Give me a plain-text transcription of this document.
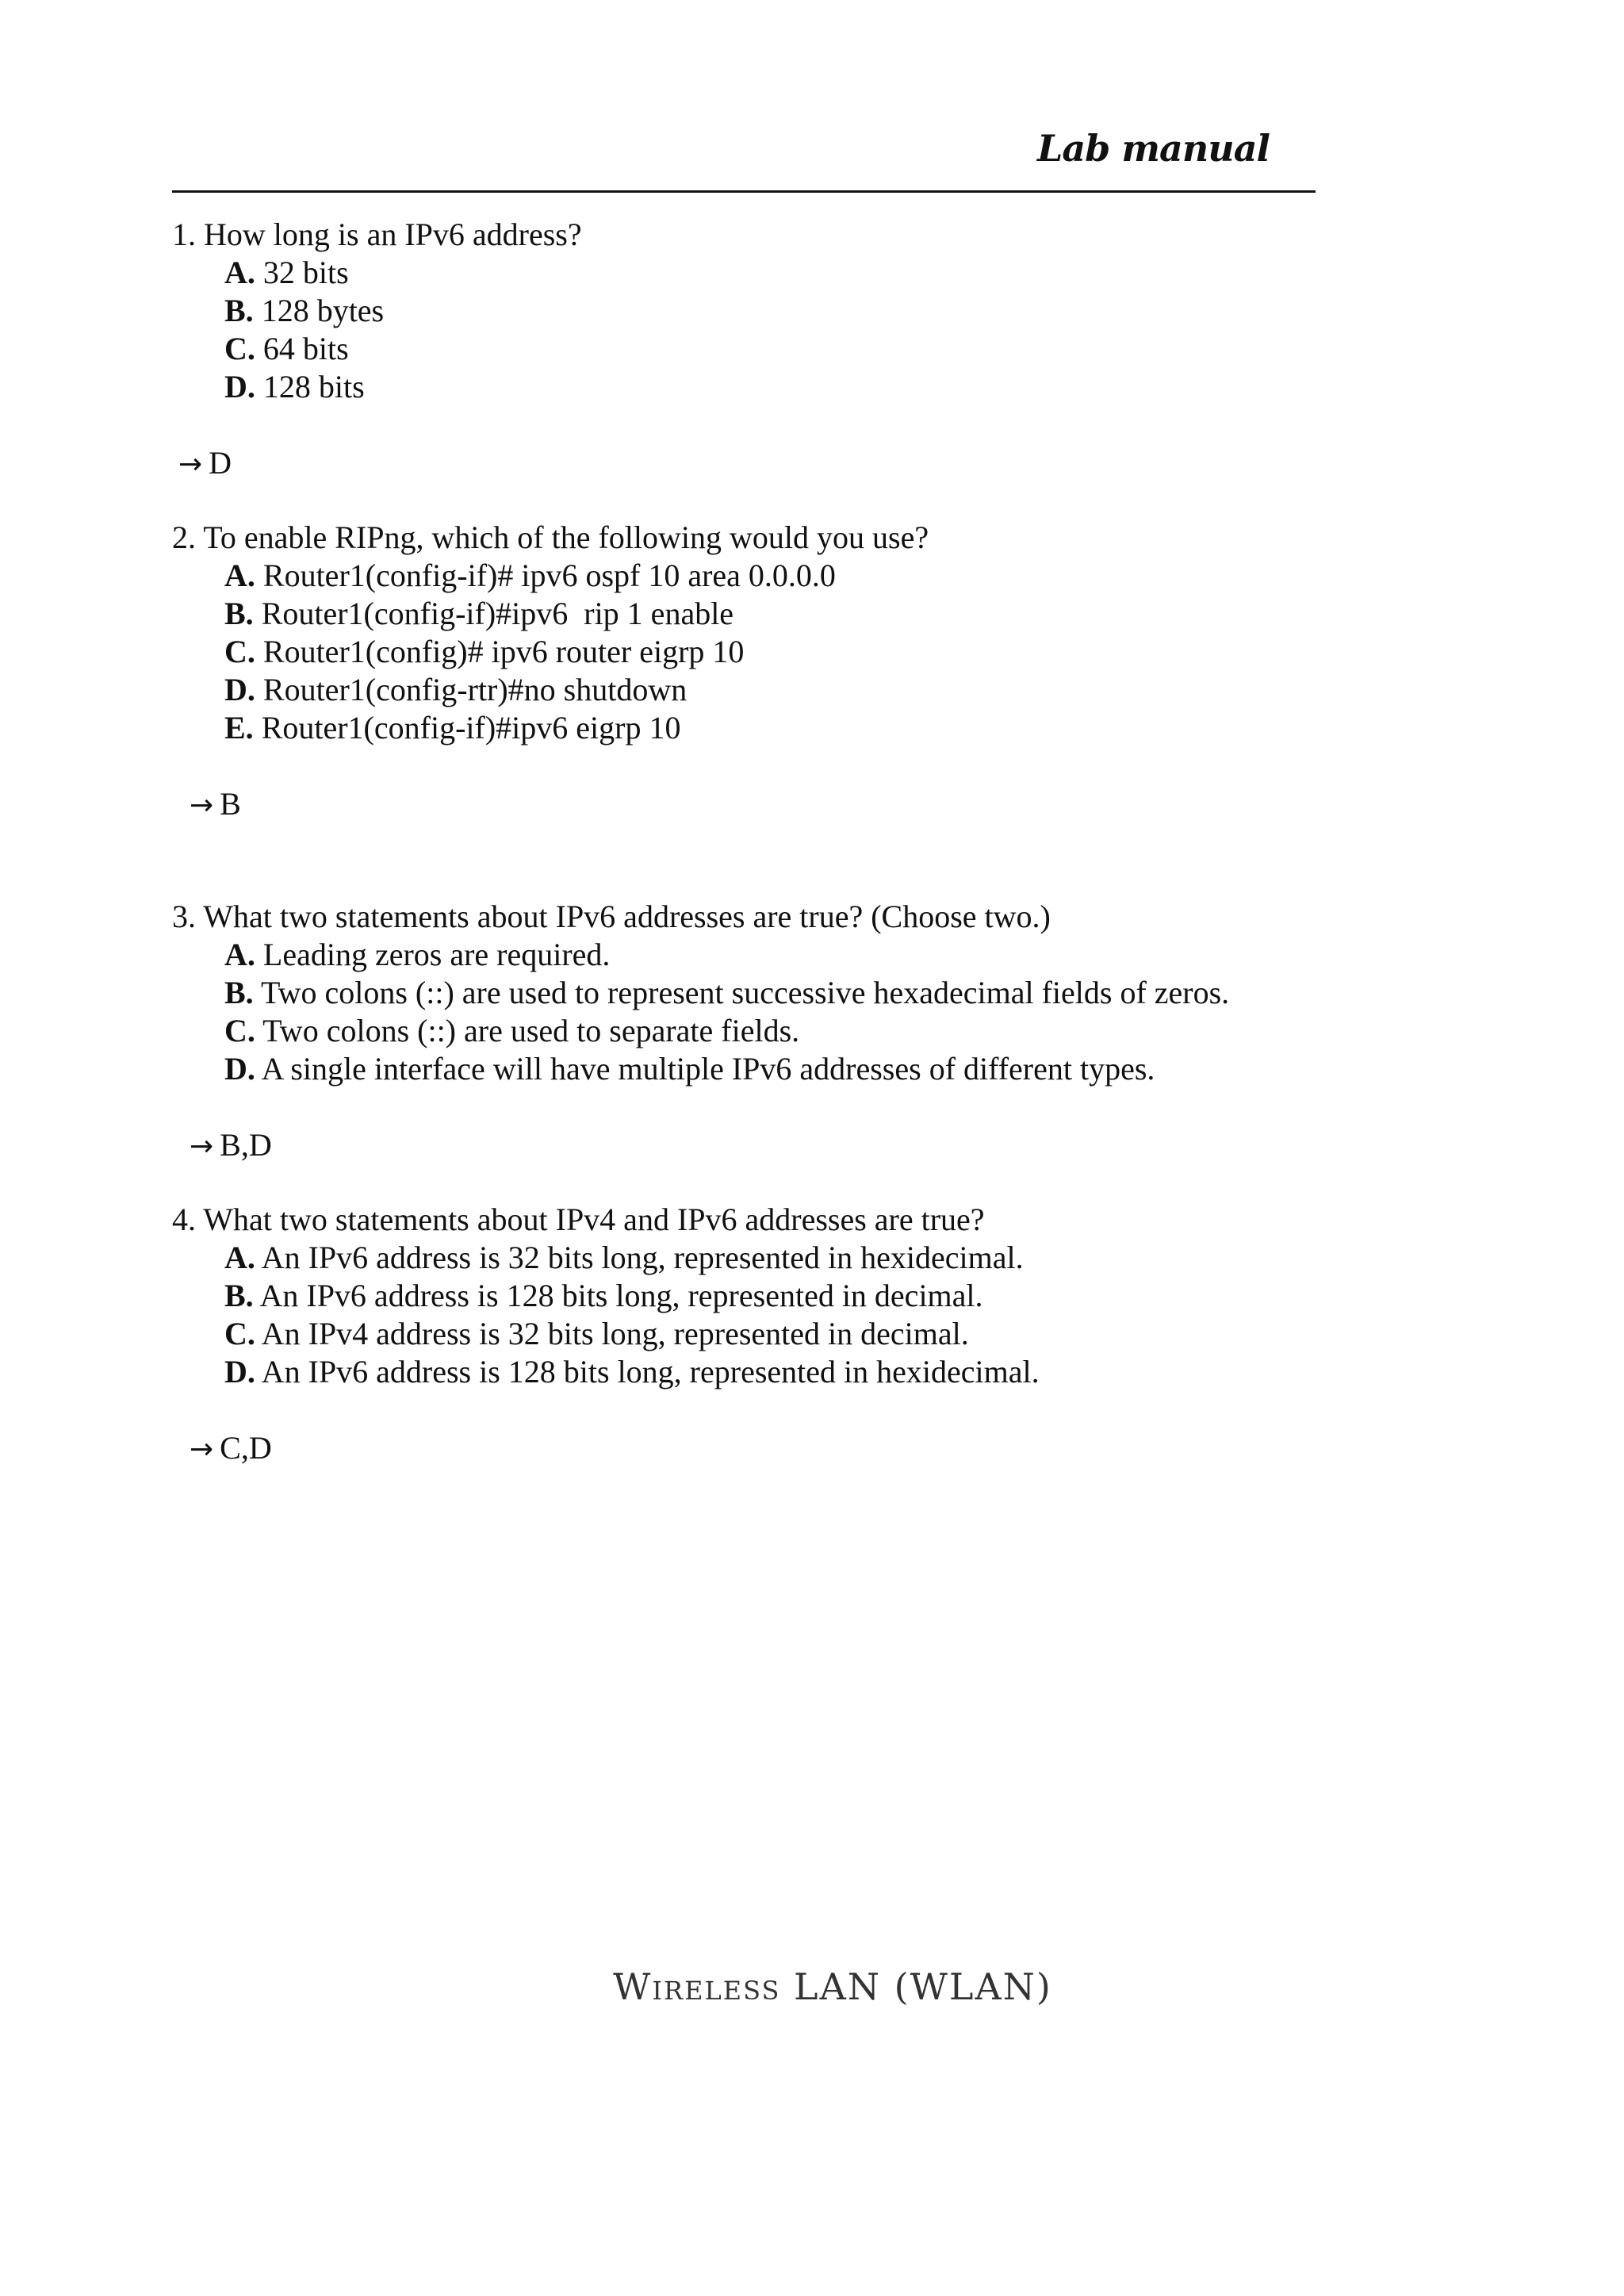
Lab manual

1. How long is an IPv6 address?

A. 32 bits
B. 128 bytes
C. 64 bits
D. 128 bits

→ D

2. To enable RIPng, which of the following would you use?

A. Router1(config-if)# ipv6 ospf 10 area 0.0.0.0
B. Router1(config-if)#ipv6  rip 1 enable
C. Router1(config)# ipv6 router eigrp 10
D. Router1(config-rtr)#no shutdown
E. Router1(config-if)#ipv6 eigrp 10

→ B

3. What two statements about IPv6 addresses are true? (Choose two.)

A. Leading zeros are required.
B. Two colons (::) are used to represent successive hexadecimal fields of zeros.
C. Two colons (::) are used to separate fields.
D. A single interface will have multiple IPv6 addresses of different types.

→ B,D

4. What two statements about IPv4 and IPv6 addresses are true?

A. An IPv6 address is 32 bits long, represented in hexidecimal.
B. An IPv6 address is 128 bits long, represented in decimal.
C. An IPv4 address is 32 bits long, represented in decimal.
D. An IPv6 address is 128 bits long, represented in hexidecimal.

→ C,D

Wireless LAN (WLAN)
